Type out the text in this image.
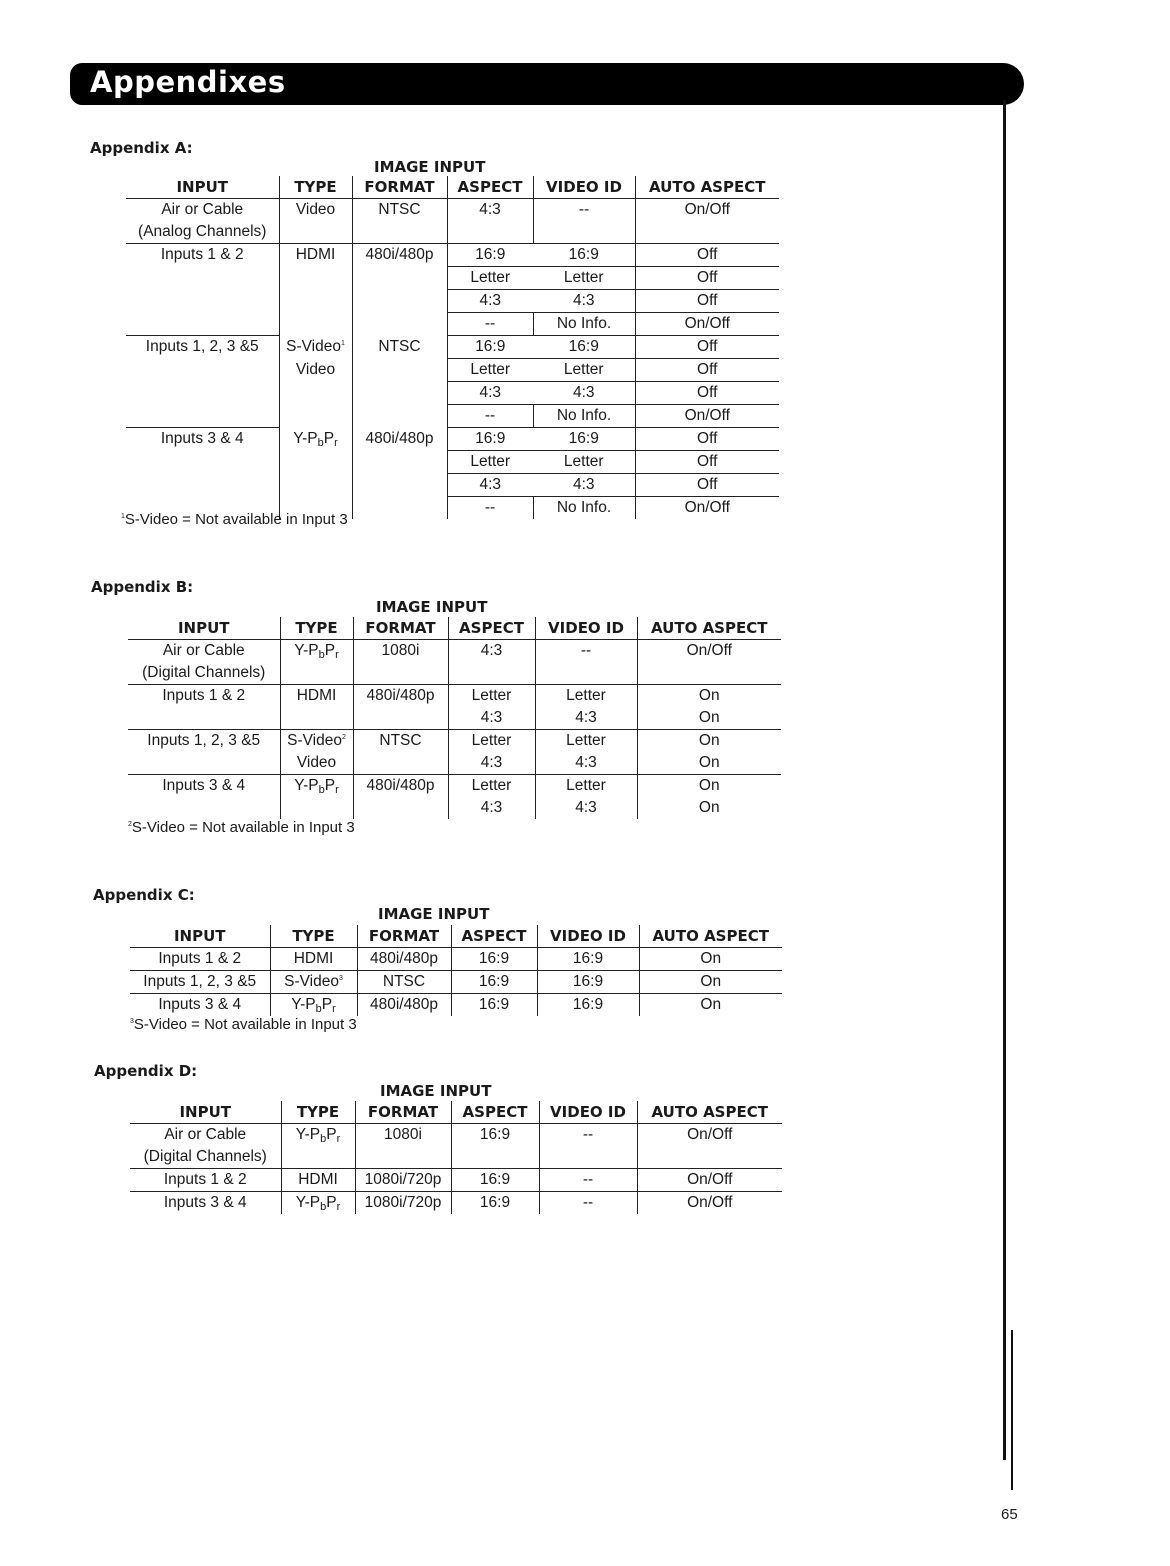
Appendixes
Appendix A:
IMAGE INPUT
INPUT	TYPE	FORMAT	ASPECT	VIDEO ID	AUTO ASPECT
Air or Cable	Video	NTSC	4:3	--	On/Off
(Analog Channels)					
Inputs 1 & 2	HDMI	480i/480p	16:9	16:9	Off
			Letter	Letter	Off
			4:3	4:3	Off
			--	No Info.	On/Off
Inputs 1, 2, 3 &5	S-Video$^1$	NTSC	16:9	16:9	Off
	Video		Letter	Letter	Off
			4:3	4:3	Off
			--	No Info.	On/Off
Inputs 3 & 4	$Y-P_bP_r$	480i/480p	16:9	16:9	Off
			Letter	Letter	Off
			4:3	4:3	Off
			--	No Info.	On/Off
$^1$S-Video = Not available in Input 3
Appendix B:
IMAGE INPUT
INPUT	TYPE	FORMAT	ASPECT	VIDEO ID	AUTO ASPECT
Air or Cable	$Y-P_bP_r$	1080i	4:3	--	On/Off
(Digital Channels)					
Inputs 1 & 2	HDMI	480i/480p	Letter	Letter	On
			4:3	4:3	On
Inputs 1, 2, 3 &5	S-Video$^2$	NTSC	Letter	Letter	On
	Video		4:3	4:3	On
Inputs 3 & 4	$Y-P_bP_r$	480i/480p	Letter	Letter	On
			4:3	4:3	On
$^2$S-Video = Not available in Input 3
Appendix C:
IMAGE INPUT
INPUT	TYPE	FORMAT	ASPECT	VIDEO ID	AUTO ASPECT
Inputs 1 & 2	HDMI	480i/480p	16:9	16:9	On
Inputs 1, 2, 3 &5	S-Video$^3$	NTSC	16:9	16:9	On
Inputs 3 & 4	$Y-P_bP_r$	480i/480p	16:9	16:9	On
$^3$S-Video = Not available in Input 3
Appendix D:
IMAGE INPUT
INPUT	TYPE	FORMAT	ASPECT	VIDEO ID	AUTO ASPECT
Air or Cable	$Y-P_bP_r$	1080i	16:9	--	On/Off
(Digital Channels)					
Inputs 1 & 2	HDMI	1080i/720p	16:9	--	On/Off
Inputs 3 & 4	$Y-P_bP_r$	1080i/720p	16:9	--	On/Off
65
